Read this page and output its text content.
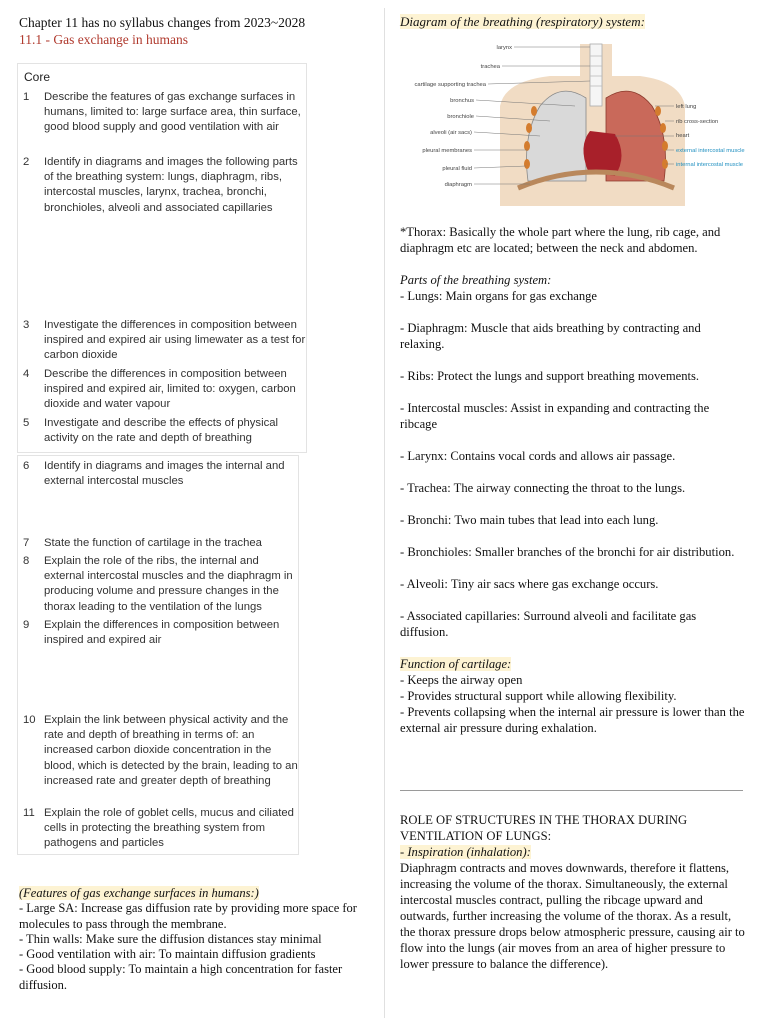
Chapter 11 has no syllabus changes from 2023~2028
11.1 - Gas exchange in humans
Core
1 Describe the features of gas exchange surfaces in humans, limited to: large surface area, thin surface, good blood supply and good ventilation with air
2 Identify in diagrams and images the following parts of the breathing system: lungs, diaphragm, ribs, intercostal muscles, larynx, trachea, bronchi, bronchioles, alveoli and associated capillaries
3 Investigate the differences in composition between inspired and expired air using limewater as a test for carbon dioxide
4 Describe the differences in composition between inspired and expired air, limited to: oxygen, carbon dioxide and water vapour
5 Investigate and describe the effects of physical activity on the rate and depth of breathing
6 Identify in diagrams and images the internal and external intercostal muscles
7 State the function of cartilage in the trachea
8 Explain the role of the ribs, the internal and external intercostal muscles and the diaphragm in producing volume and pressure changes in the thorax leading to the ventilation of the lungs
9 Explain the differences in composition between inspired and expired air
10 Explain the link between physical activity and the rate and depth of breathing in terms of: an increased carbon dioxide concentration in the blood, which is detected by the brain, leading to an increased rate and greater depth of breathing
11 Explain the role of goblet cells, mucus and ciliated cells in protecting the breathing system from pathogens and particles
(Features of gas exchange surfaces in humans:)
- Large SA: Increase gas diffusion rate by providing more space for molecules to pass through the membrane.
- Thin walls: Make sure the diffusion distances stay minimal
- Good ventilation with air: To maintain diffusion gradients
- Good blood supply: To maintain a high concentration for faster diffusion.
Diagram of the breathing (respiratory) system:
larynx
trachea
cartilage supporting trachea
bronchus
bronchiole
alveoli (air sacs)
pleural membranes
pleural fluid
diaphragm
left lung
rib cross-section
heart
external intercostal muscle
internal intercostal muscle

*Thorax: Basically the whole part where the lung, rib cage, and diaphragm etc are located; between the neck and abdomen.

Parts of the breathing system:

- Lungs: Main organs for gas exchange

- Diaphragm: Muscle that aids breathing by contracting and relaxing.

- Ribs: Protect the lungs and support breathing movements.

- Intercostal muscles: Assist in expanding and contracting the ribcage

- Larynx: Contains vocal cords and allows air passage.

- Trachea: The airway connecting the throat to the lungs.

- Bronchi: Two main tubes that lead into each lung.

- Bronchioles: Smaller branches of the bronchi for air distribution.

- Alveoli: Tiny air sacs where gas exchange occurs.

- Associated capillaries: Surround alveoli and facilitate gas diffusion.

Function of cartilage:

- Keeps the airway open

- Provides structural support while allowing flexibility.

- Prevents collapsing when the internal air pressure is lower than the external air pressure during exhalation.

ROLE OF STRUCTURES IN THE THORAX DURING VENTILATION OF LUNGS:

- Inspiration (inhalation):

Diaphragm contracts and moves downwards, therefore it flattens, increasing the volume of the thorax. Simultaneously, the external intercostal muscles contract, pulling the ribcage upward and outwards, further increasing the volume of the thorax. As a result, the thorax pressure drops below atmospheric pressure, causing air to flow into the lungs (air moves from an area of higher pressure to lower pressure to balance the difference).
